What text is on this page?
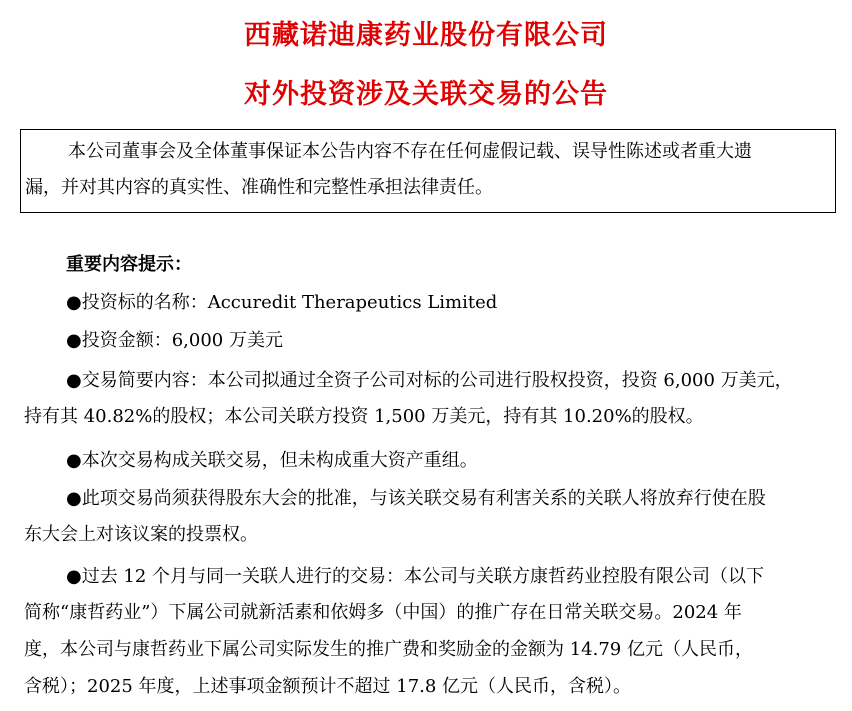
西藏诺迪康药业股份有限公司
对外投资涉及关联交易的公告
本公司董事会及全体董事保证本公告内容不存在任何虚假记载、误导性陈述或者重大遗
漏，并对其内容的真实性、准确性和完整性承担法律责任。
重要内容提示：
●投资标的名称：Accuredit Therapeutics Limited
●投资金额：6,000 万美元
●交易简要内容：本公司拟通过全资子公司对标的公司进行股权投资，投资 6,000 万美元，
持有其 40.82%的股权；本公司关联方投资 1,500 万美元，持有其 10.20%的股权。
●本次交易构成关联交易，但未构成重大资产重组。
●此项交易尚须获得股东大会的批准，与该关联交易有利害关系的关联人将放弃行使在股
东大会上对该议案的投票权。
●过去 12 个月与同一关联人进行的交易：本公司与关联方康哲药业控股有限公司（以下
简称“康哲药业”）下属公司就新活素和依姆多（中国）的推广存在日常关联交易。2024 年
度，本公司与康哲药业下属公司实际发生的推广费和奖励金的金额为 14.79 亿元（人民币，
含税）；2025 年度，上述事项金额预计不超过 17.8 亿元（人民币，含税）。
